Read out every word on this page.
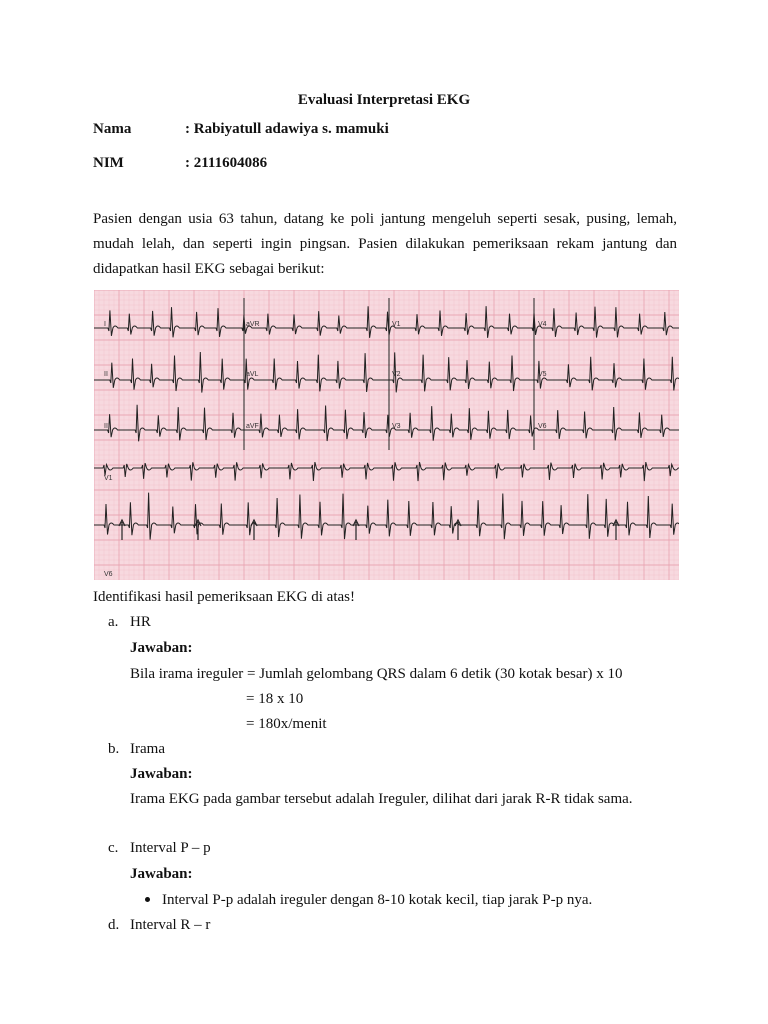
Evaluasi Interpretasi EKG
Nama	: Rabiyatull adawiya s. mamuki
NIM	: 2111604086
Pasien dengan usia 63 tahun, datang ke poli jantung mengeluh seperti sesak, pusing, lemah, mudah lelah, dan seperti ingin pingsan. Pasien dilakukan pemeriksaan rekam jantung dan didapatkan hasil EKG sebagai berikut:
I	aVR	V1	V4
II	aVL	V2	V5
III	aVF	V3	V6
V1
II
V6
Identifikasi hasil pemeriksaan EKG di atas!
a. HR
Jawaban:
Bila irama ireguler = Jumlah gelombang QRS dalam 6 detik (30 kotak besar) x 10
= 18 x 10
= 180x/menit
b. Irama
Jawaban:
Irama EKG pada gambar tersebut adalah Ireguler, dilihat dari jarak R-R tidak sama.
c. Interval P – p
Jawaban:
Interval P-p adalah ireguler dengan 8-10 kotak kecil, tiap jarak P-p nya.
d. Interval R – r
